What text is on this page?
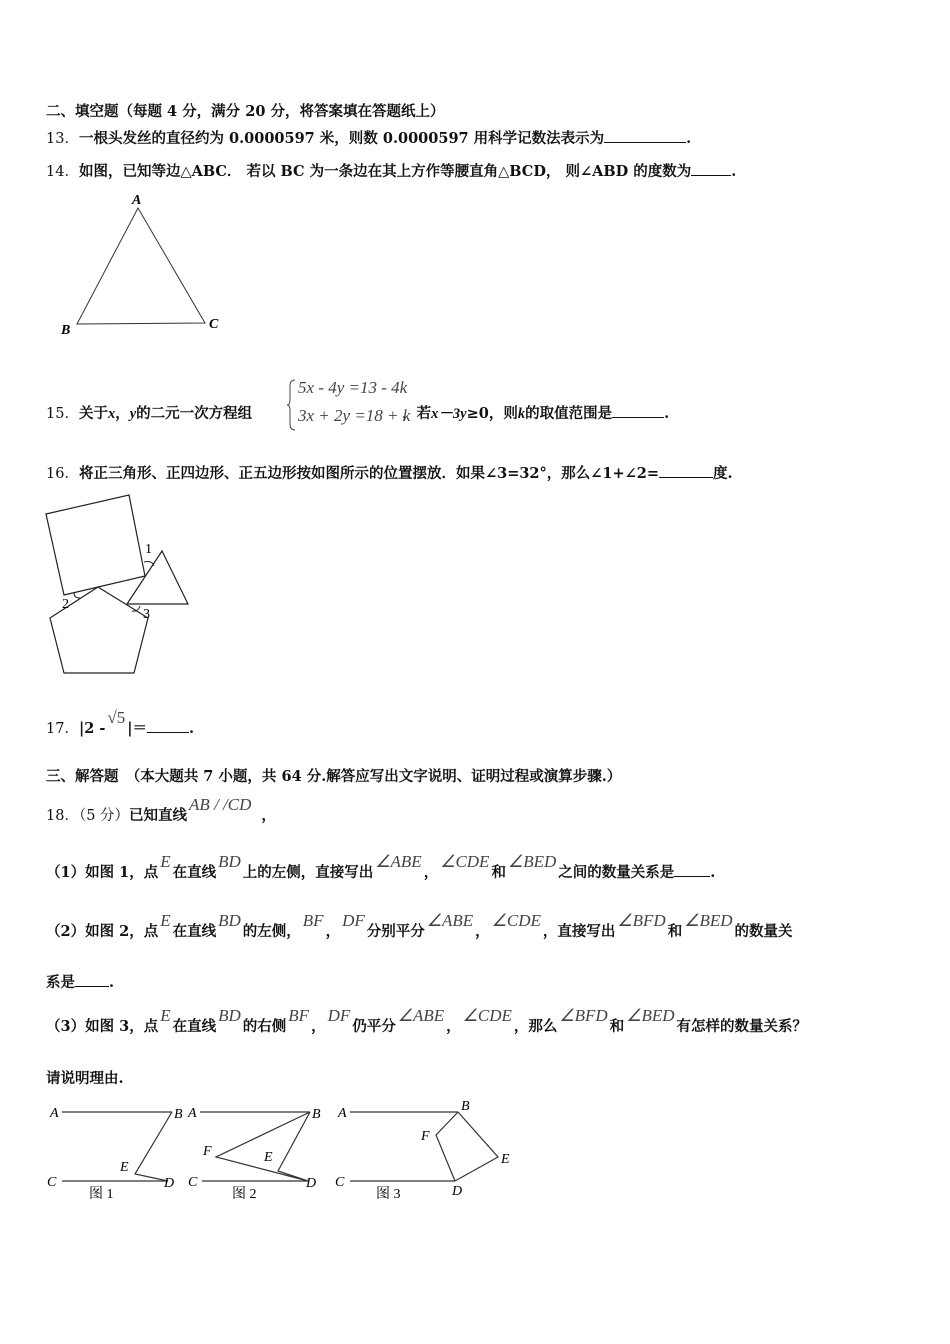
二、填空题（每题 4 分，满分 20 分，将答案填在答题纸上）
13．一根头发丝的直径约为 0.0000597 米，则数 0.0000597 用科学记数法表示为	.
14．如图，已知等边△ABC． 若以 BC 为一条边在其上方作等腰直角△BCD， 则∠ABD 的度数为	.
A
B	C
15．关于x，y的二元一次方程组	，若x－3y≥0，则k的取值范围是	.
5x - 4y =13 - 4k
3x + 2y =18 + k
16．将正三角形、正四边形、正五边形按如图所示的位置摆放．如果∠3=32°，那么∠1+∠2=	度.
1
2
3
17．|2 -√5|＝	.
三、解答题　（本大题共 7 小题，共 64 分.解答应写出文字说明、证明过程或演算步骤.）
18．（5 分）已知直线AB / /CD，
（1）如图 1，点E在直线BD上的左侧，直接写出∠ABE，∠CDE和∠BED之间的数量关系是 .
（2）如图 2，点E在直线BD的左侧，BF，DF分别平分∠ABE，∠CDE，直接写出∠BFD和∠BED的数量关
系是 .
（3）如图 3，点E在直线BD的右侧BF，DF仍平分∠ABE，∠CDE，那么∠BFD和∠BED有怎样的数量关系？
请说明理由.
A	B
C	D
E
图 1
A	B
C	D
E
F
图 2
A	B
C
D
E
F
图 3
